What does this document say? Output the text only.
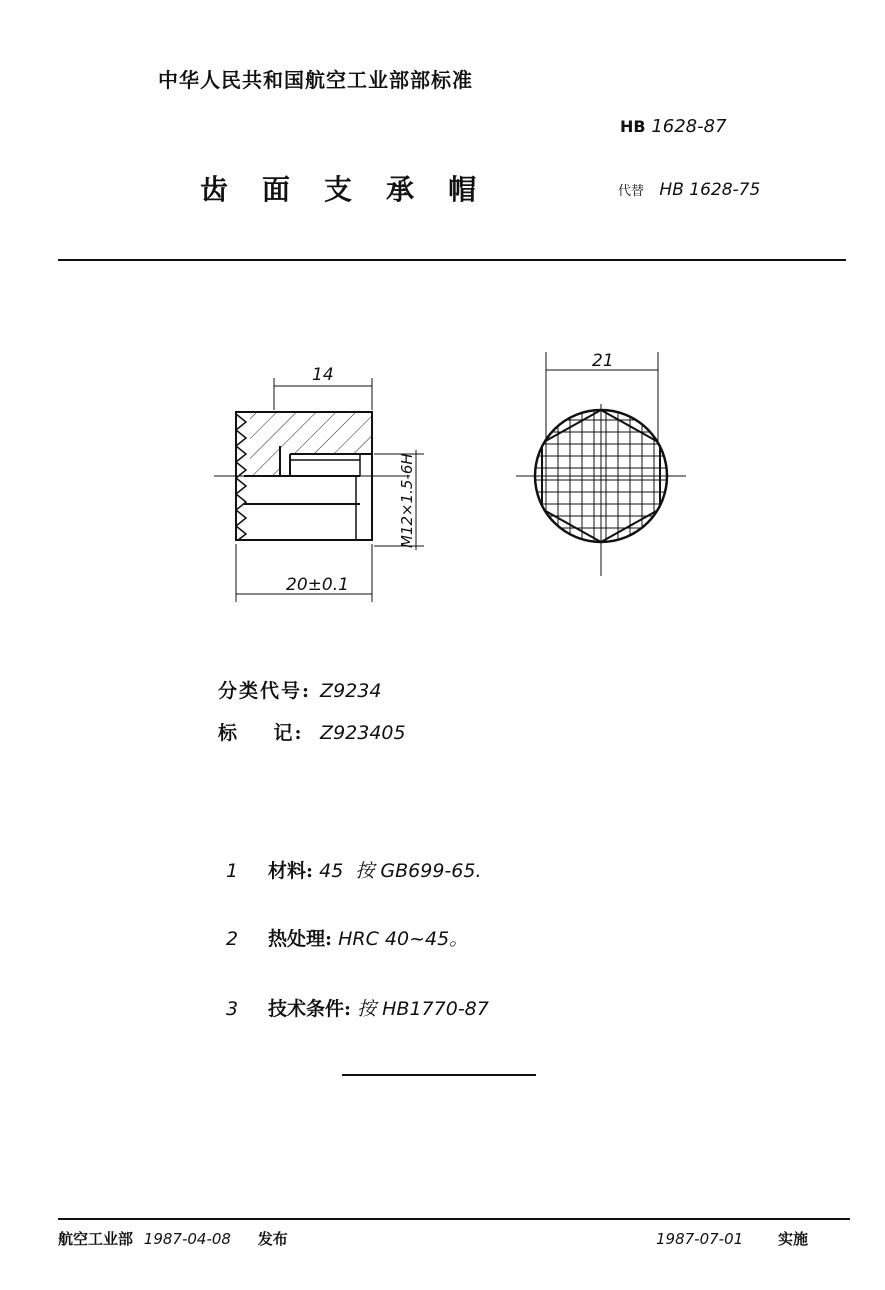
中华人民共和国航空工业部部标准
HB 1628-87
齿 面 支 承 帽	代替 HB 1628-75
14
20±0.1
M12×1.5-6H
21
分类代号: Z9234
标    记: Z923405
1 材料: 45  按 GB699-65.
2 热处理: HRC 40~45。
3 技术条件: 按 HB1770-87
航空工业部 1987-04-08 发布	1987-07-01 实施
